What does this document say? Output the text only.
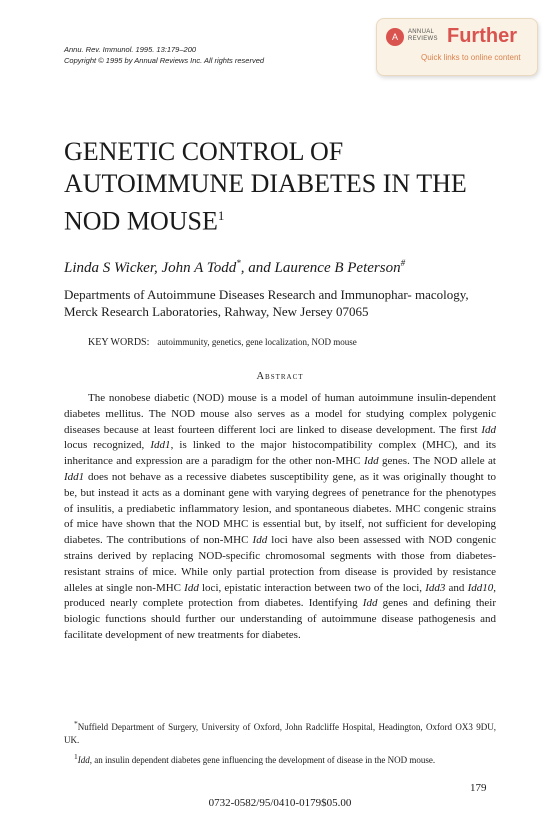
Annu. Rev. Immunol. 1995. 13:179–200
Copyright © 1995 by Annual Reviews Inc. All rights reserved
A	ANNUAL
REVIEWS Further
Quick links to online content
GENETIC CONTROL OF
AUTOIMMUNE DIABETES IN THE
NOD MOUSE$^1$
Linda S Wicker, John A Todd*, and Laurence B Peterson#
Departments of Autoimmune Diseases Research and Immunophar- macology, Merck Research Laboratories, Rahway, New Jersey 07065
KEY WORDS: autoimmunity, genetics, gene localization, NOD mouse
Abstract

The nonobese diabetic (NOD) mouse is a model of human autoimmune insulin-dependent diabetes mellitus. The NOD mouse also serves as a model for studying complex polygenic diseases because at least fourteen different loci are linked to disease development. The first Idd locus recognized, Idd1, is linked to the major histocompatibility complex (MHC), and its inheritance and expression are a paradigm for the other non-MHC Idd genes. The NOD allele at Idd1 does not behave as a recessive diabetes susceptibility gene, as it was originally thought to be, but instead it acts as a dominant gene with varying degrees of penetrance for the phenotypes of insulitis, a prediabetic inflammatory lesion, and spontaneous diabetes. MHC congenic strains of mice have shown that the NOD MHC is essential but, by itself, not sufficient for developing diabetes. The contributions of non-MHC Idd loci have also been assessed with NOD congenic strains derived by replacing NOD-specific chromosomal segments with those from diabetes-resistant strains of mice. While only partial protection from disease is provided by resistance alleles at single non-MHC Idd loci, epistatic interaction between two of the loci, Idd3 and Idd10, produced nearly complete protection from diabetes. Identifying Idd genes and defining their biologic functions should further our understanding of autoimmune disease pathogenesis and facilitate development of new treatments for diabetes.

*Nuffield Department of Surgery, University of Oxford, John Radcliffe Hospital, Headington, Oxford OX3 9DU, UK.

$^1$Idd, an insulin dependent diabetes gene influencing the development of disease in the NOD mouse.

179
0732-0582/95/0410-0179$05.00
